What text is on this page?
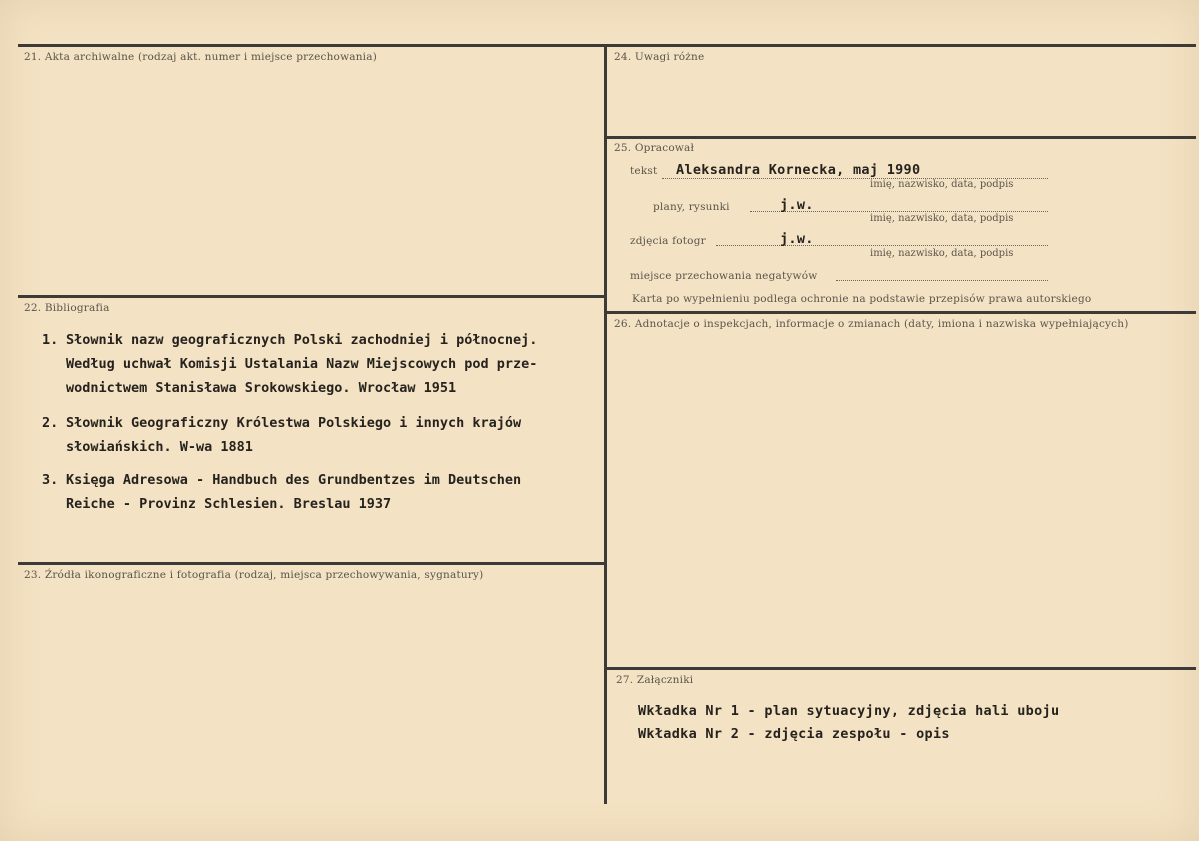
21. Akta archiwalne (rodzaj akt. numer i miejsce przechowania)
22. Bibliografia
1. Słownik nazw geograficznych Polski zachodniej i północnej.
Według uchwał Komisji Ustalania Nazw Miejscowych pod prze-
wodnictwem Stanisława Srokowskiego. Wrocław 1951
2. Słownik Geograficzny Królestwa Polskiego i innych krajów
słowiańskich. W-wa 1881
3. Księga Adresowa - Handbuch des Grundbentzes im Deutschen
Reiche - Provinz Schlesien. Breslau 1937
23. Źródła ikonograficzne i fotografia (rodzaj, miejsca przechowywania, sygnatury)
24. Uwagi różne
25. Opracował
tekst Aleksandra Kornecka, maj 1990
imię, nazwisko, data, podpis
plany, rysunki	j.w.
imię, nazwisko, data, podpis
zdjęcia fotogr	j.w.
imię, nazwisko, data, podpis
miejsce przechowania negatywów
Karta po wypełnieniu podlega ochronie na podstawie przepisów prawa autorskiego
26. Adnotacje o inspekcjach, informacje o zmianach (daty, imiona i nazwiska wypełniających)
27. Załączniki
Wkładka Nr 1 - plan sytuacyjny, zdjęcia hali uboju
Wkładka Nr 2 - zdjęcia zespołu - opis
